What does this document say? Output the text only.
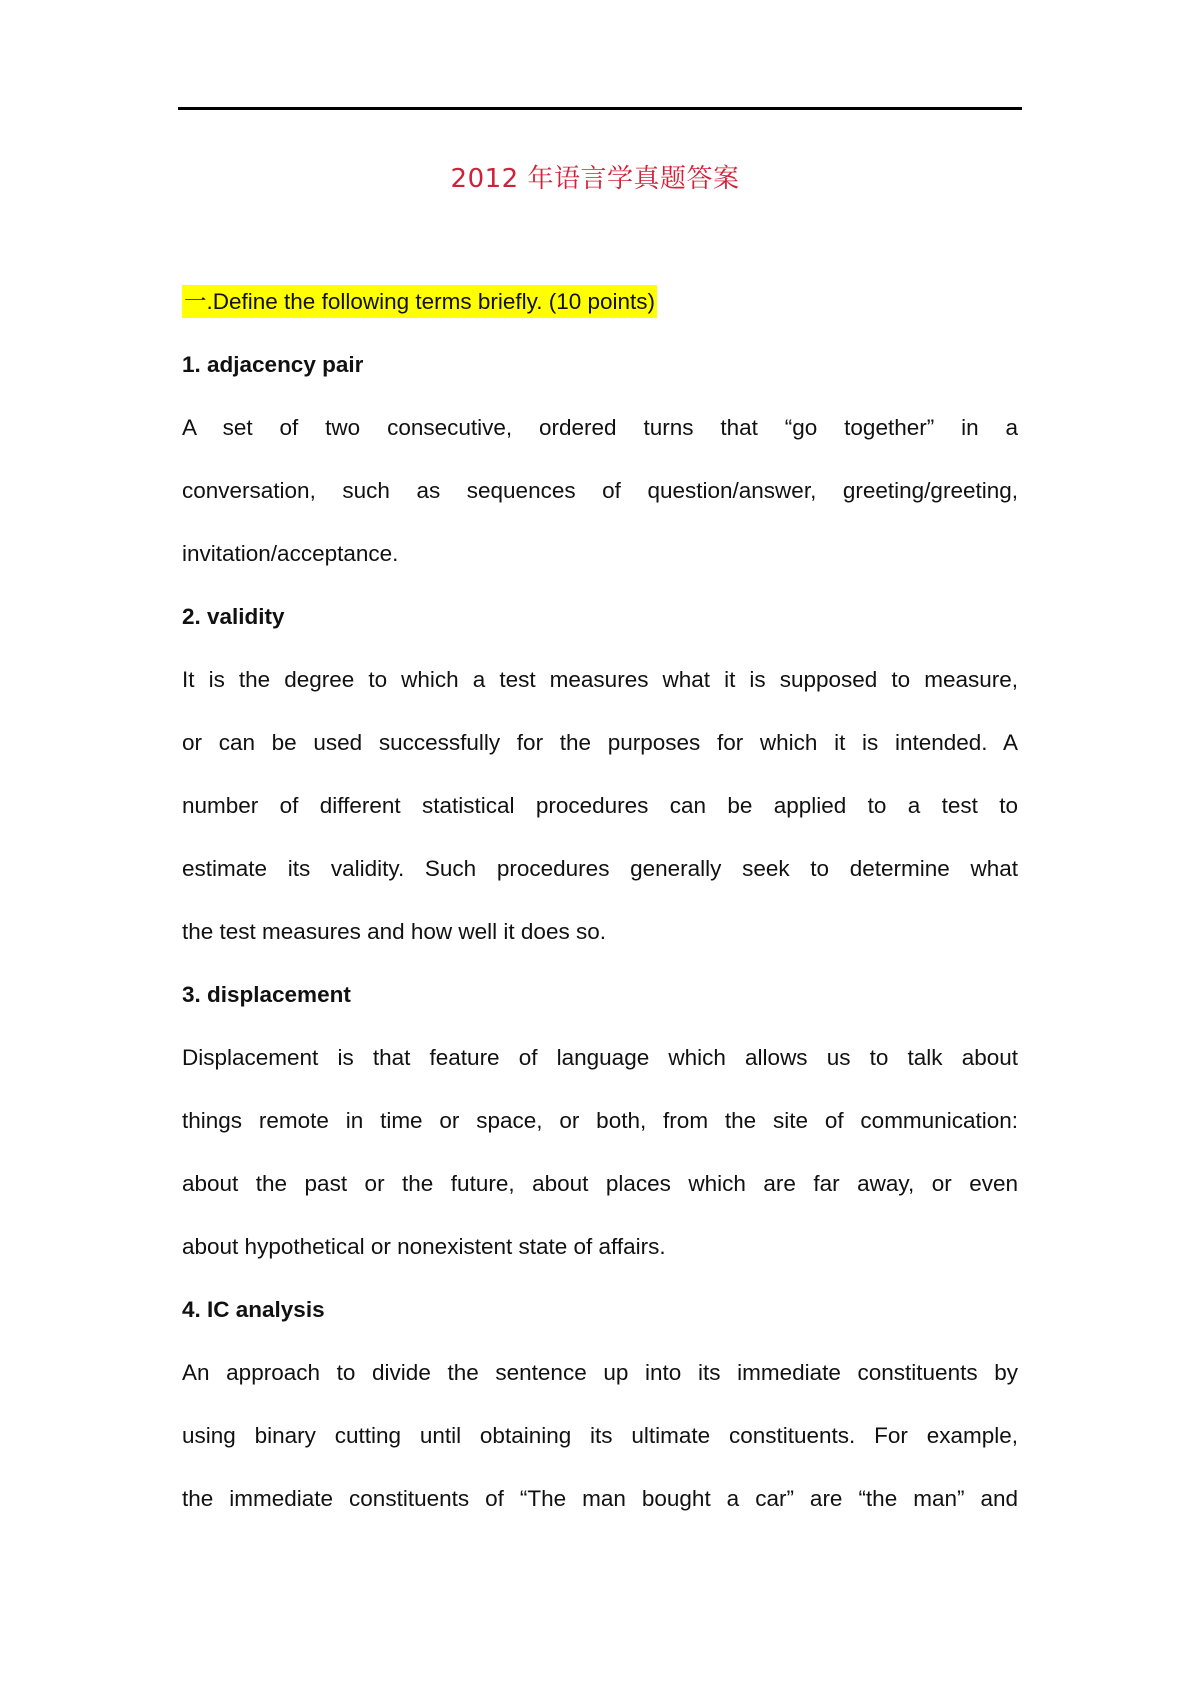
2012 年语言学真题答案
一.Define the following terms briefly. (10 points)
1. adjacency pair
A set of two consecutive, ordered turns that “go together” in a
conversation, such as sequences of question/answer, greeting/greeting,
invitation/acceptance.
2. validity
It is the degree to which a test measures what it is supposed to measure,
or can be used successfully for the purposes for which it is intended. A
number of different statistical procedures can be applied to a test to
estimate its validity. Such procedures generally seek to determine what
the test measures and how well it does so.
3. displacement
Displacement is that feature of language which allows us to talk about
things remote in time or space, or both, from the site of communication:
about the past or the future, about places which are far away, or even
about hypothetical or nonexistent state of affairs.
4. IC analysis
An approach to divide the sentence up into its immediate constituents by
using binary cutting until obtaining its ultimate constituents. For example,
the immediate constituents of “The man bought a car” are “the man” and
